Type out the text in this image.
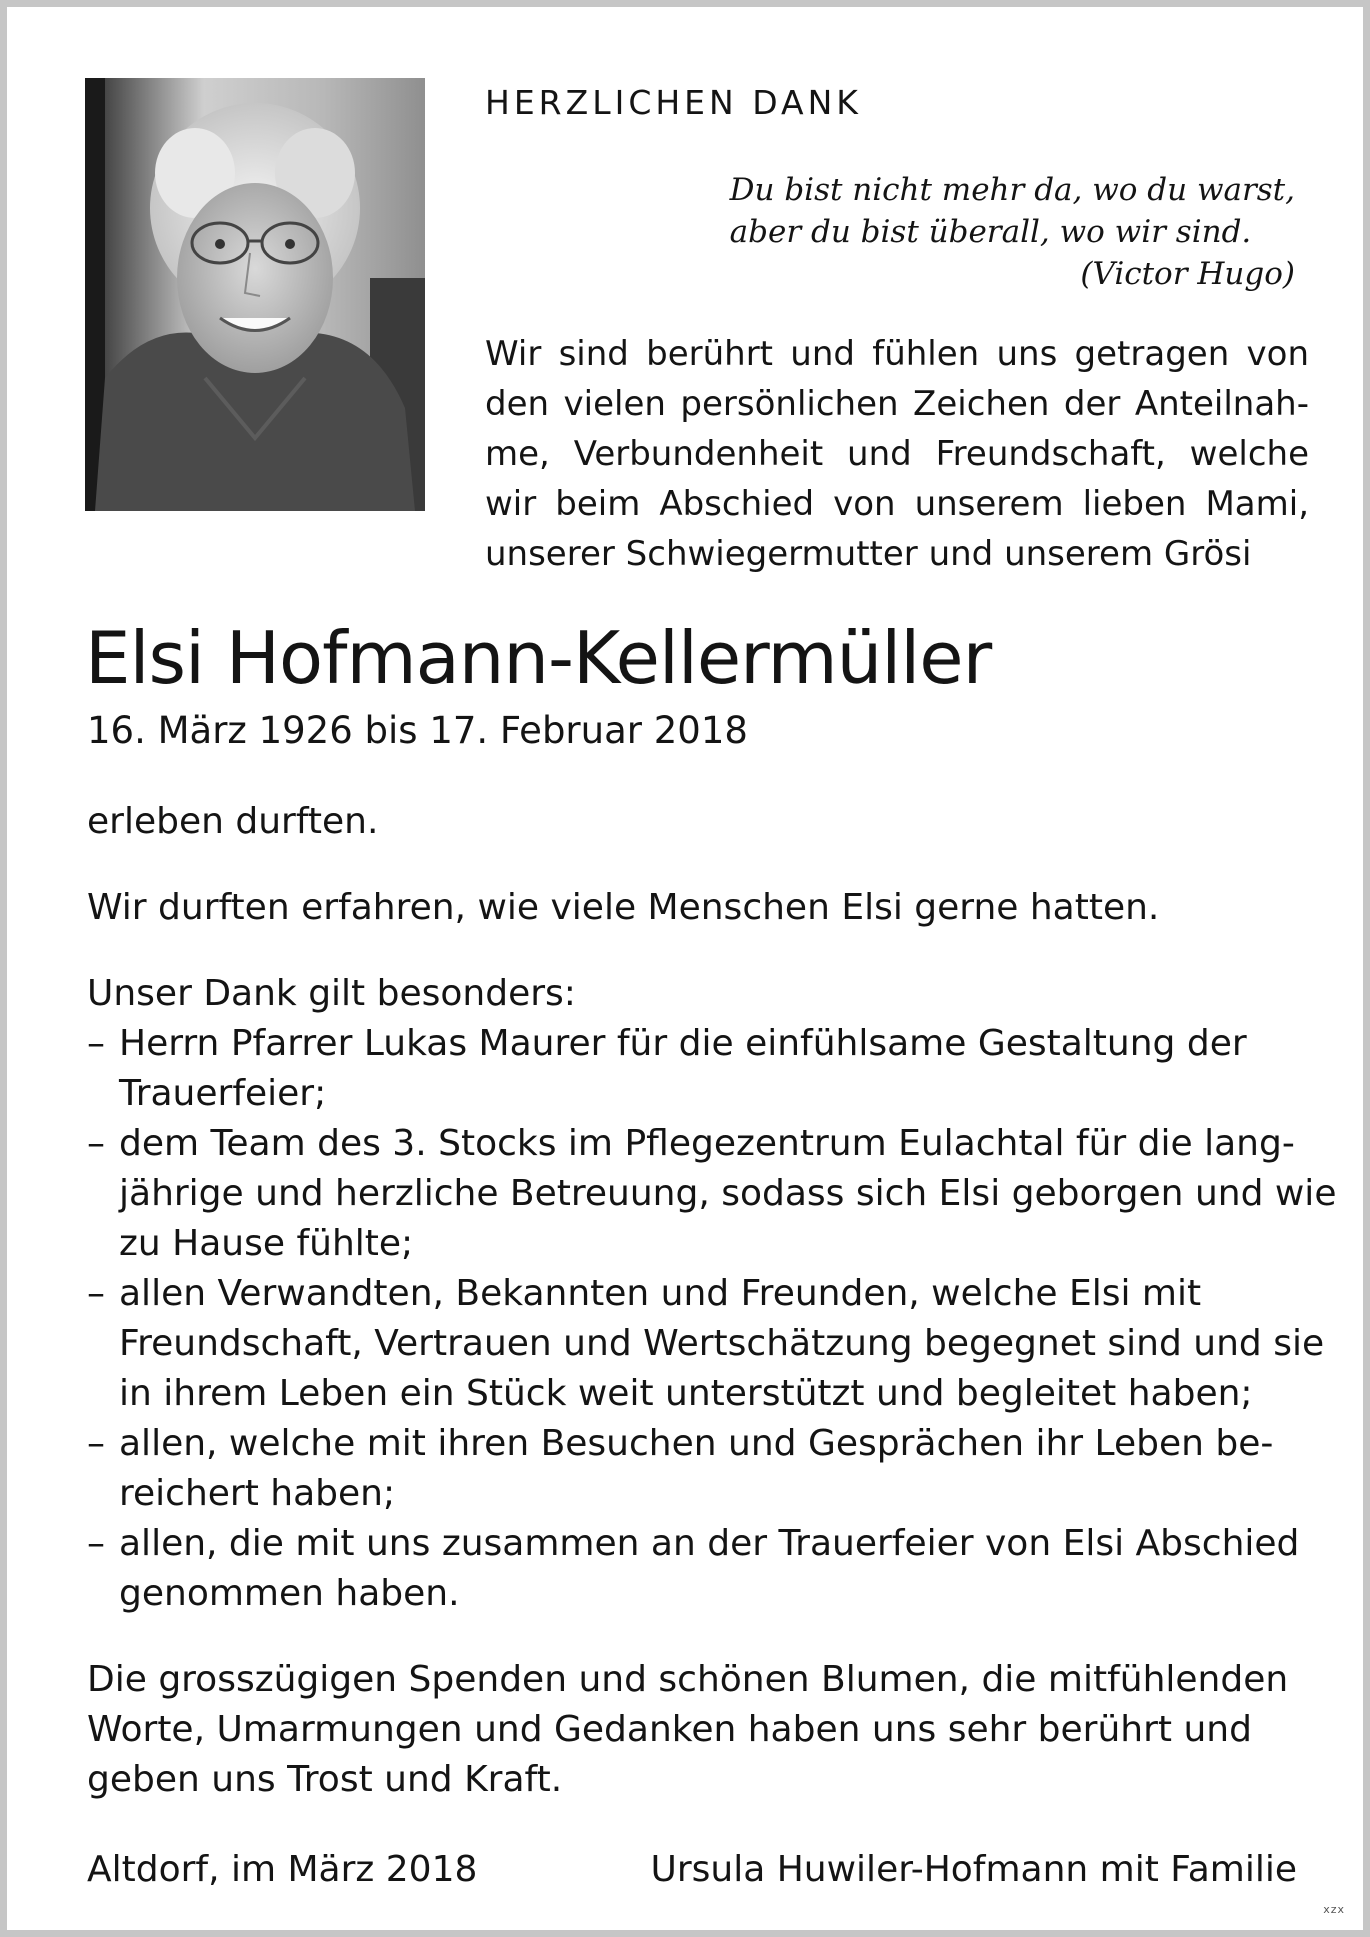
HERZLICHEN DANK
Du bist nicht mehr da, wo du warst,
aber du bist überall, wo wir sind.
(Victor Hugo)
Wir sind berührt und fühlen uns getragen von
den vielen persönlichen Zeichen der Anteilnah-
me, Verbundenheit und Freundschaft, welche
wir beim Abschied von unserem lieben Mami,
unserer Schwiegermutter und unserem Grösi
Elsi Hofmann-Kellermüller
16. März 1926 bis 17. Februar 2018

erleben durften.

Wir durften erfahren, wie viele Menschen Elsi gerne hatten.

Unser Dank gilt besonders:

– Herrn Pfarrer Lukas Maurer für die einfühlsame Gestaltung der
Trauerfeier;
– dem Team des 3. Stocks im Pflegezentrum Eulachtal für die lang-
jährige und herzliche Betreuung, sodass sich Elsi geborgen und wie
zu Hause fühlte;
– allen Verwandten, Bekannten und Freunden, welche Elsi mit
Freundschaft, Vertrauen und Wertschätzung begegnet sind und sie
in ihrem Leben ein Stück weit unterstützt und begleitet haben;
– allen, welche mit ihren Besuchen und Gesprächen ihr Leben be-
reichert haben;
– allen, die mit uns zusammen an der Trauerfeier von Elsi Abschied
genommen haben.
Die grosszügigen Spenden und schönen Blumen, die mitfühlenden
Worte, Umarmungen und Gedanken haben uns sehr berührt und
geben uns Trost und Kraft.
Altdorf, im März 2018	Ursula Huwiler-Hofmann mit Familie
xzx
